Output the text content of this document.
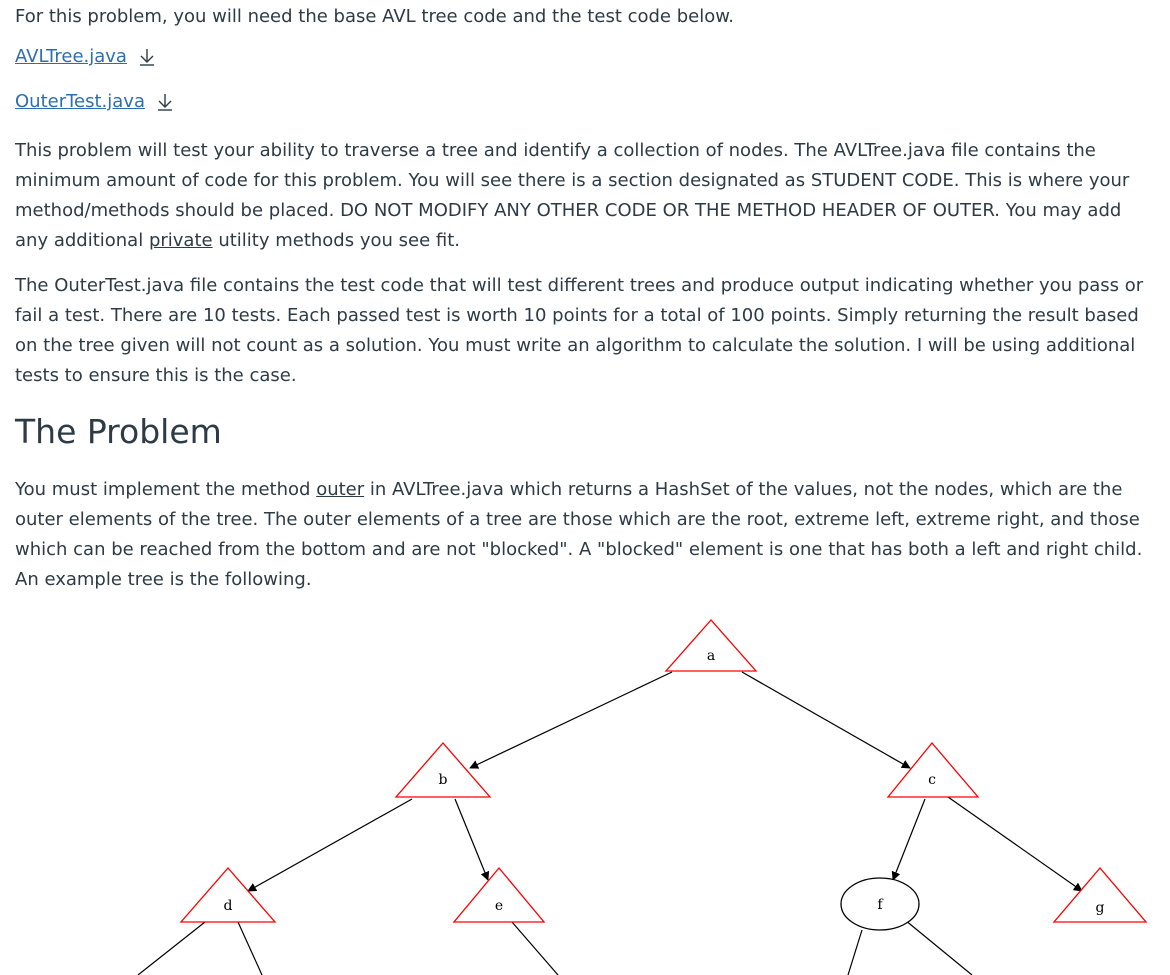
For this problem, you will need the base AVL tree code and the test code below.

AVLTree.java
OuterTest.java

This problem will test your ability to traverse a tree and identify a collection of nodes. The AVLTree.java file contains the minimum amount of code for this problem. You will see there is a section designated as STUDENT CODE. This is where your method/methods should be placed. DO NOT MODIFY ANY OTHER CODE OR THE METHOD HEADER OF OUTER. You may add any additional private utility methods you see fit.

The OuterTest.java file contains the test code that will test different trees and produce output indicating whether you pass or fail a test. There are 10 tests. Each passed test is worth 10 points for a total of 100 points. Simply returning the result based on the tree given will not count as a solution. You must write an algorithm to calculate the solution. I will be using additional tests to ensure this is the case.

The Problem

You must implement the method outer in AVLTree.java which returns a HashSet of the values, not the nodes, which are the outer elements of the tree. The outer elements of a tree are those which are the root, extreme left, extreme right, and those which can be reached from the bottom and are not "blocked". A "blocked" element is one that has both a left and right child. An example tree is the following.

a
b	c
d	e	f	g
